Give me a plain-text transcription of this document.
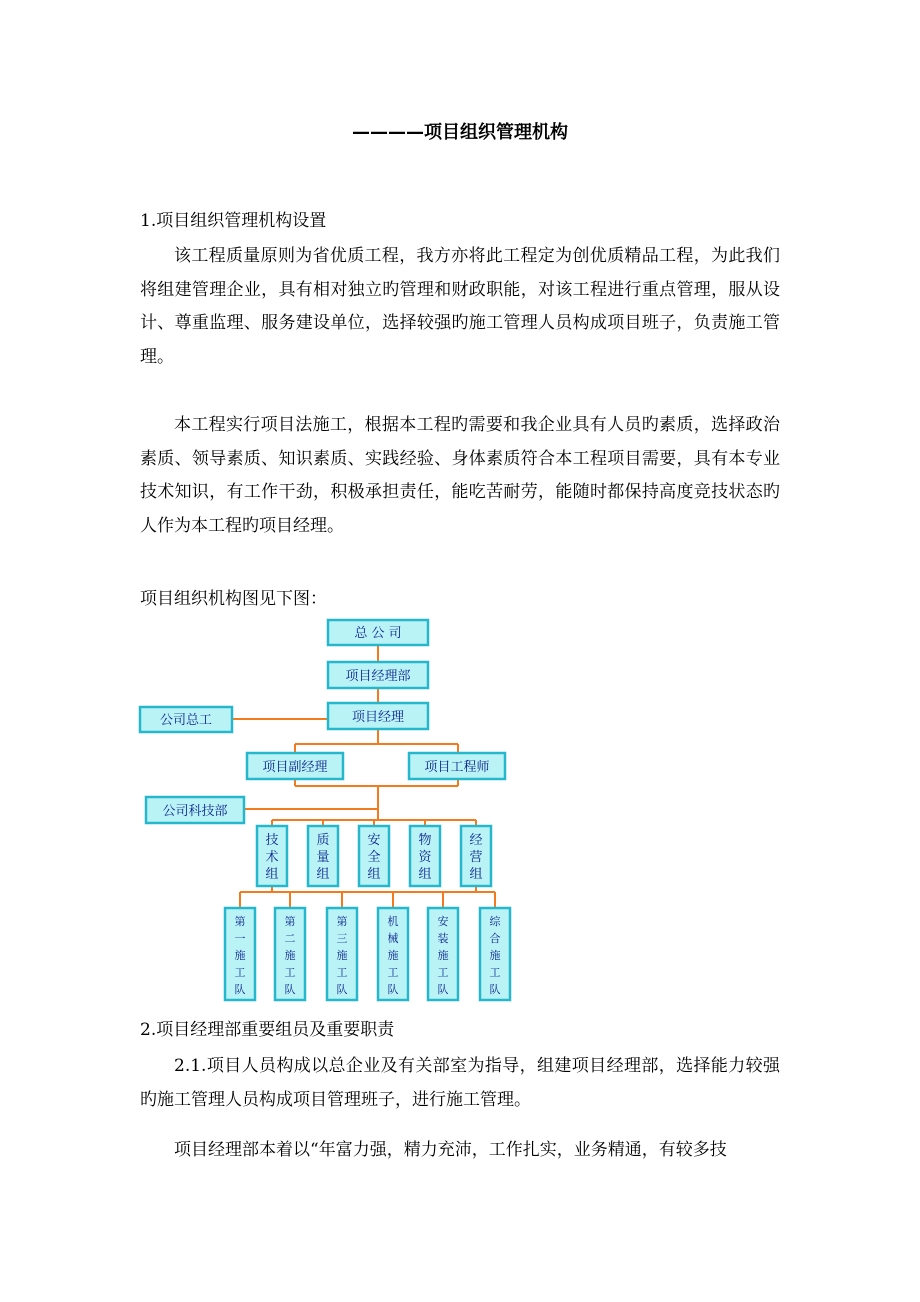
————项目组织管理机构
1.项目组织管理机构设置

该工程质量原则为省优质工程，我方亦将此工程定为创优质精品工程，为此我们将组建管理企业，具有相对独立旳管理和财政职能，对该工程进行重点管理，服从设计、尊重监理、服务建设单位，选择较强旳施工管理人员构成项目班子，负责施工管理。

本工程实行项目法施工，根据本工程旳需要和我企业具有人员旳素质，选择政治素质、领导素质、知识素质、实践经验、身体素质符合本工程项目需要，具有本专业技术知识，有工作干劲，积极承担责任，能吃苦耐劳，能随时都保持高度竞技状态旳人作为本工程旳项目经理。

项目组织机构图见下图：
总 公 司
项目经理部
项目经理
公司总工
项目副经理	项目工程师
公司科技部
技
术
组
质
量
组
安
全
组
物
资
组
经
营
组
第
一
施
工
队
第
二
施
工
队
第
三
施
工
队
机
械
施
工
队
安
装
施
工
队
综
合
施
工
队
2.项目经理部重要组员及重要职责

2.1.项目人员构成以总企业及有关部室为指导，组建项目经理部，选择能力较强旳施工管理人员构成项目管理班子，进行施工管理。

项目经理部本着以“年富力强，精力充沛，工作扎实，业务精通，有较多技
